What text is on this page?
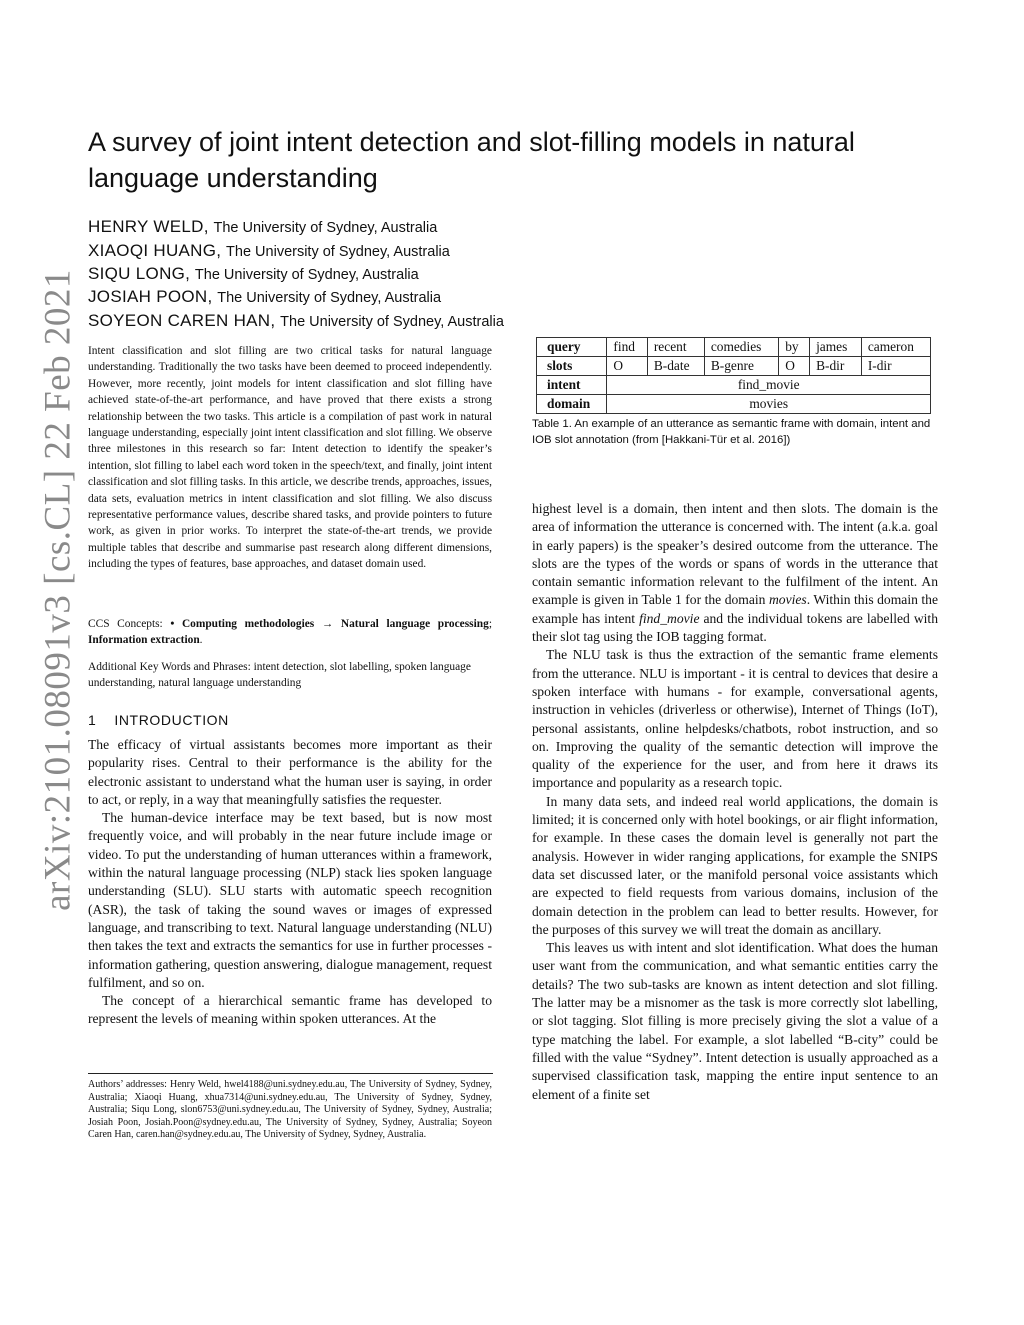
arXiv:2101.08091v3 [cs.CL] 22 Feb 2021
A survey of joint intent detection and slot-filling models in natural language understanding
HENRY WELD, The University of Sydney, Australia
XIAOQI HUANG, The University of Sydney, Australia
SIQU LONG, The University of Sydney, Australia
JOSIAH POON, The University of Sydney, Australia
SOYEON CAREN HAN, The University of Sydney, Australia

Intent classification and slot filling are two critical tasks for natural language understanding. Traditionally the two tasks have been deemed to proceed independently. However, more recently, joint models for intent classification and slot filling have achieved state-of-the-art performance, and have proved that there exists a strong relationship between the two tasks. This article is a compilation of past work in natural language understanding, especially joint intent classification and slot filling. We observe three milestones in this research so far: Intent detection to identify the speaker’s intention, slot filling to label each word token in the speech/text, and finally, joint intent classification and slot filling tasks. In this article, we describe trends, approaches, issues, data sets, evaluation metrics in intent classification and slot filling. We also discuss representative performance values, describe shared tasks, and provide pointers to future work, as given in prior works. To interpret the state-of-the-art trends, we provide multiple tables that describe and summarise past research along different dimensions, including the types of features, base approaches, and dataset domain used.

CCS Concepts: • Computing methodologies → Natural language processing; Information extraction.

Additional Key Words and Phrases: intent detection, slot labelling, spoken language understanding, natural language understanding

1 INTRODUCTION

The efficacy of virtual assistants becomes more important as their popularity rises. Central to their performance is the ability for the electronic assistant to understand what the human user is saying, in order to act, or reply, in a way that meaningfully satisfies the requester.

The human-device interface may be text based, but is now most frequently voice, and will probably in the near future include image or video. To put the understanding of human utterances within a framework, within the natural language processing (NLP) stack lies spoken language understanding (SLU). SLU starts with automatic speech recognition (ASR), the task of taking the sound waves or images of expressed language, and transcribing to text. Natural language understanding (NLU) then takes the text and extracts the semantics for use in further processes - information gathering, question answering, dialogue management, request fulfilment, and so on.

The concept of a hierarchical semantic frame has developed to represent the levels of meaning within spoken utterances. At the

Authors’ addresses: Henry Weld, hwel4188@uni.sydney.edu.au, The University of Sydney, Sydney, Australia; Xiaoqi Huang, xhua7314@uni.sydney.edu.au, The University of Sydney, Sydney, Australia; Siqu Long, slon6753@uni.sydney.edu.au, The University of Sydney, Sydney, Australia; Josiah Poon, Josiah.Poon@sydney.edu.au, The University of Sydney, Sydney, Australia; Soyeon Caren Han, caren.han@sydney.edu.au, The University of Sydney, Sydney, Australia.

query	find	recent	comedies	by	james	cameron
slots	O	B-date	B-genre	O	B-dir	I-dir
intent	find_movie					
domain	movies					

Table 1. An example of an utterance as semantic frame with domain, intent and IOB slot annotation (from [Hakkani-Tür et al. 2016])

highest level is a domain, then intent and then slots. The domain is the area of information the utterance is concerned with. The intent (a.k.a. goal in early papers) is the speaker’s desired outcome from the utterance. The slots are the types of the words or spans of words in the utterance that contain semantic information relevant to the fulfilment of the intent. An example is given in Table 1 for the domain movies. Within this domain the example has intent find_movie and the individual tokens are labelled with their slot tag using the IOB tagging format.

The NLU task is thus the extraction of the semantic frame elements from the utterance. NLU is important - it is central to devices that desire a spoken interface with humans - for example, conversational agents, instruction in vehicles (driverless or otherwise), Internet of Things (IoT), personal assistants, online helpdesks/chatbots, robot instruction, and so on. Improving the quality of the semantic detection will improve the quality of the experience for the user, and from here it draws its importance and popularity as a research topic.

In many data sets, and indeed real world applications, the domain is limited; it is concerned only with hotel bookings, or air flight information, for example. In these cases the domain level is generally not part the analysis. However in wider ranging applications, for example the SNIPS data set discussed later, or the manifold personal voice assistants which are expected to field requests from various domains, inclusion of the domain detection in the problem can lead to better results. However, for the purposes of this survey we will treat the domain as ancillary.

This leaves us with intent and slot identification. What does the human user want from the communication, and what semantic entities carry the details? The two sub-tasks are known as intent detection and slot filling. The latter may be a misnomer as the task is more correctly slot labelling, or slot tagging. Slot filling is more precisely giving the slot a value of a type matching the label. For example, a slot labelled “B-city” could be filled with the value “Sydney”. Intent detection is usually approached as a supervised classification task, mapping the entire input sentence to an element of a finite set
